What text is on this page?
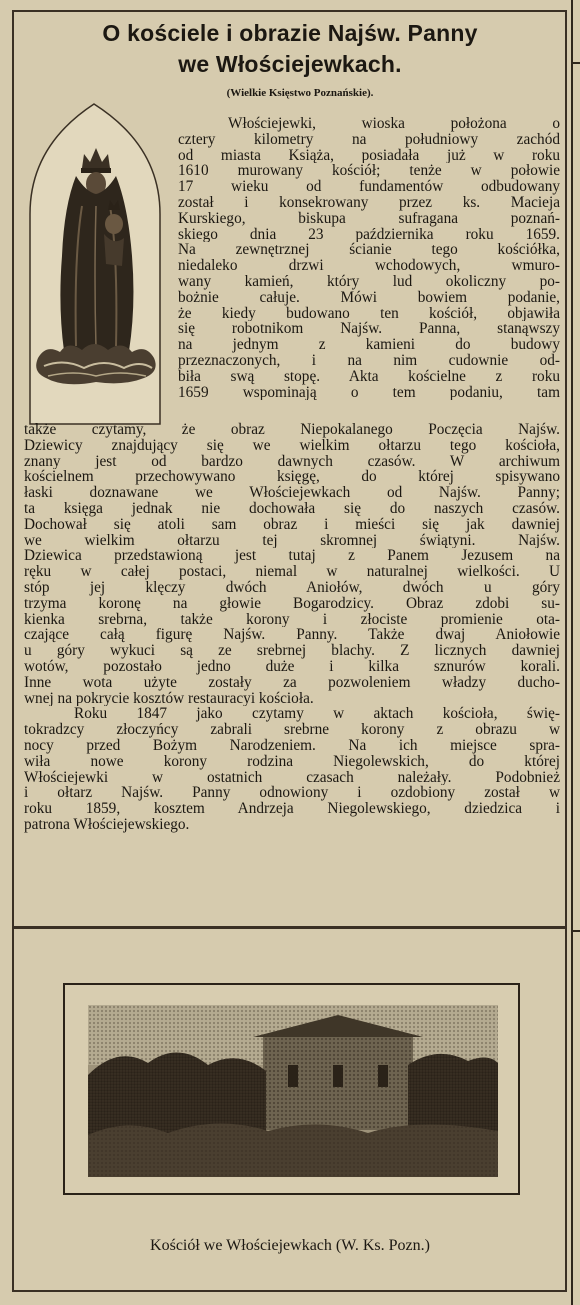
O kościele i obrazie Najśw. Panny
we Włościejewkach.
(Wielkie Księstwo Poznańskie).
Włościejewki, wioska położona o
cztery kilometry na południowy zachód
od miasta Książa, posiadała już w roku
1610 murowany kościół; tenże w połowie
17 wieku od fundamentów odbudowany
został i konsekrowany przez ks. Macieja
Kurskiego, biskupa sufragana poznań-
skiego dnia 23 października roku 1659.
Na zewnętrznej ścianie tego kościółka,
niedaleko drzwi wchodowych, wmuro-
wany kamień, który lud okoliczny po-
bożnie całuje. Mówi bowiem podanie,
że kiedy budowano ten kościół, objawiła
się robotnikom Najśw. Panna, stanąwszy
na jednym z kamieni do budowy
przeznaczonych, i na nim cudownie od-
biła swą stopę. Akta kościelne z roku
1659 wspominają o tem podaniu, tam
także czytamy, że obraz Niepokalanego Poczęcia Najśw.
Dziewicy znajdujący się we wielkim ołtarzu tego kościoła,
znany jest od bardzo dawnych czasów. W archiwum
kościelnem przechowywano księgę, do której spisywano
łaski doznawane we Włościejewkach od Najśw. Panny;
ta księga jednak nie dochowała się do naszych czasów.
Dochował się atoli sam obraz i mieści się jak dawniej
we wielkim ołtarzu tej skromnej świątyni. Najśw.
Dziewica przedstawioną jest tutaj z Panem Jezusem na
ręku w całej postaci, niemal w naturalnej wielkości. U
stóp jej klęczy dwóch Aniołów, dwóch u góry
trzyma koronę na głowie Bogarodzicy. Obraz zdobi su-
kienka srebrna, także korony i złociste promienie ota-
czające całą figurę Najśw. Panny. Także dwaj Aniołowie
u góry wykuci są ze srebrnej blachy. Z licznych dawniej
wotów, pozostało jedno duże i kilka sznurów korali.
Inne wota użyte zostały za pozwoleniem władzy ducho-
wnej na pokrycie kosztów restauracyi kościoła.
Roku 1847 jako czytamy w aktach kościoła, świę-
tokradzcy złoczyńcy zabrali srebrne korony z obrazu w
nocy przed Bożym Narodzeniem. Na ich miejsce spra-
wiła nowe korony rodzina Niegolewskich, do której
Włościejewki w ostatnich czasach należały. Podobnież
i ołtarz Najśw. Panny odnowiony i ozdobiony został w
roku 1859, kosztem Andrzeja Niegolewskiego, dziedzica i
patrona Włościejewskiego.
Kościół we Włościejewkach (W. Ks. Pozn.)
